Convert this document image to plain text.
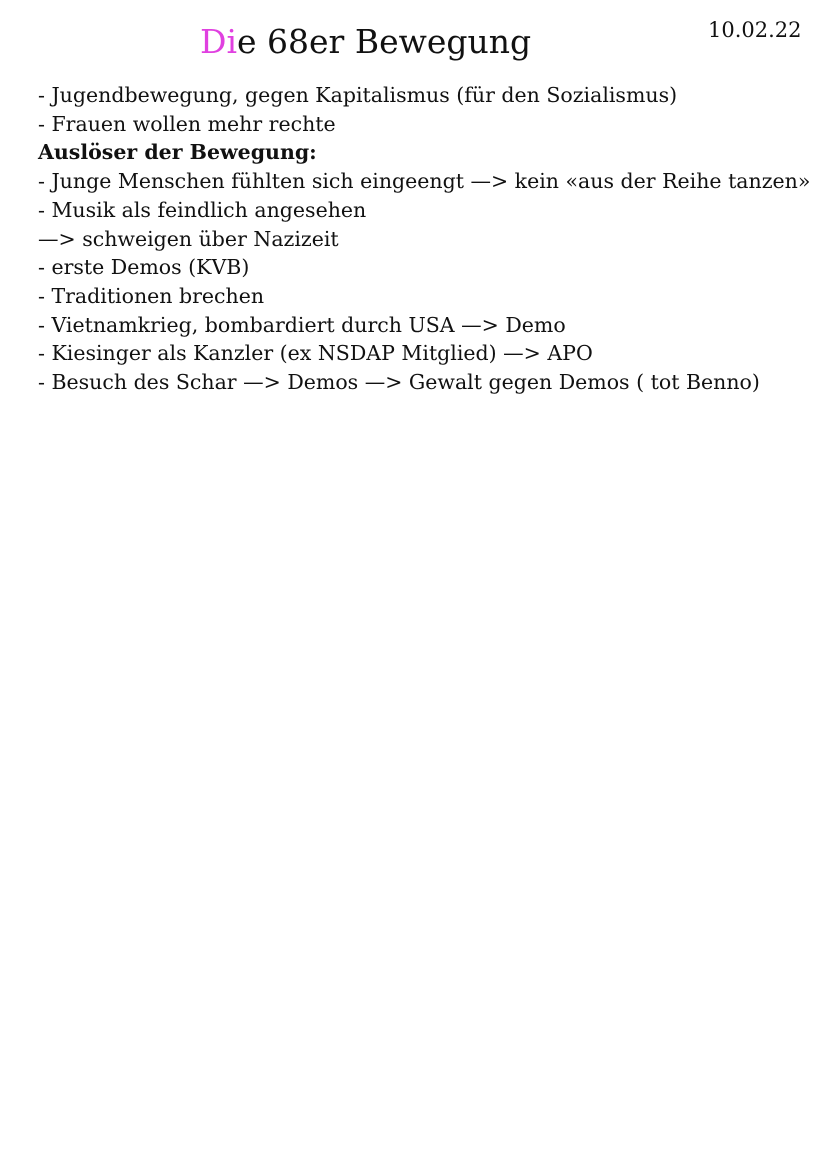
Die 68er Bewegung	10.02.22
- Jugendbewegung, gegen Kapitalismus (für den Sozialismus)
- Frauen wollen mehr rechte
Auslöser der Bewegung:
- Junge Menschen fühlten sich eingeengt —> kein «aus der Reihe tanzen»
- Musik als feindlich angesehen
—> schweigen über Nazizeit
- erste Demos (KVB)
- Traditionen brechen
- Vietnamkrieg, bombardiert durch USA —> Demo
- Kiesinger als Kanzler (ex NSDAP Mitglied) —> APO
- Besuch des Schar —> Demos —> Gewalt gegen Demos ( tot Benno)
